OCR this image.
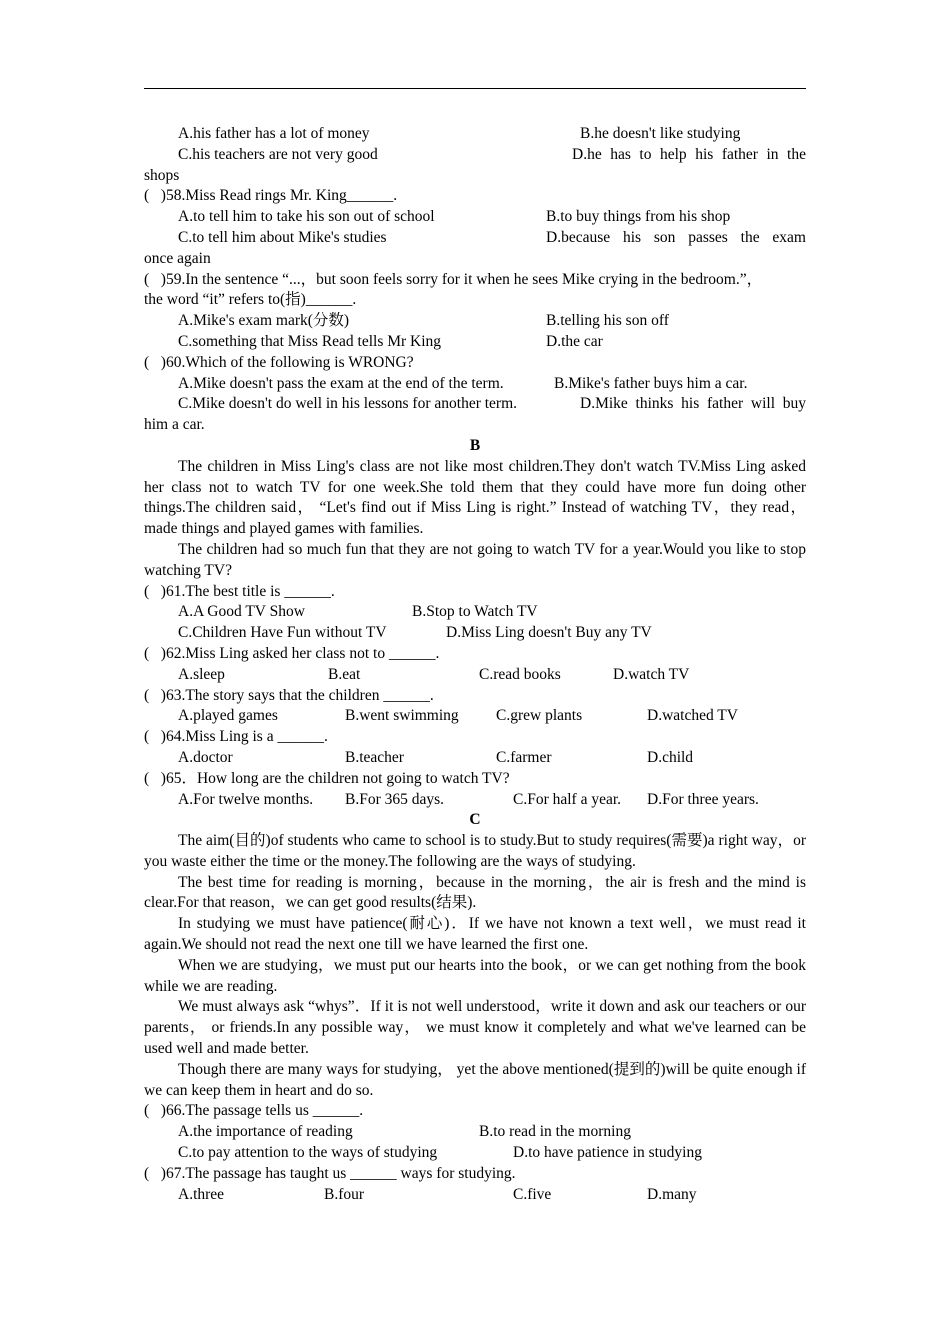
A.his father has a lot of money	B.he doesn't like studying
C.his teachers are not very good	D.he has to help his father in the
shops
(   )58.Miss Read rings Mr. King______.
A.to tell him to take his son out of school	B.to buy things from his shop
C.to tell him about Mike's studies	D.because his son passes the exam
once again
(   )59.In the sentence “...，but soon feels sorry for it when he sees Mike crying in the bedroom.”，
the word “it” refers to(指)______.
A.Mike's exam mark(分数)	B.telling his son off
C.something that Miss Read tells Mr King	D.the car
(   )60.Which of the following is WRONG?
A.Mike doesn't pass the exam at the end of the term.	B.Mike's father buys him a car.
C.Mike doesn't do well in his lessons for another term.	D.Mike thinks his father will buy
him a car.
B
The children in Miss Ling's class are not like most children.They don't watch TV.Miss Ling asked her class not to watch TV for one week.She told them that they could have more fun doing other things.The children said， “Let's find out if Miss Ling is right.” Instead of watching TV，they read，made things and played games with families.
The children had so much fun that they are not going to watch TV for a year.Would you like to stop watching TV?
(   )61.The best title is ______.
A.A Good TV Show	B.Stop to Watch TV
C.Children Have Fun without TV	D.Miss Ling doesn't Buy any TV
(   )62.Miss Ling asked her class not to ______.
A.sleep	B.eat	C.read books	D.watch TV
(   )63.The story says that the children ______.
A.played games	B.went swimming C.grew plants	D.watched TV
(   )64.Miss Ling is a ______.
A.doctor	B.teacher	C.farmer	D.child
(   )65．How long are the children not going to watch TV?
A.For twelve months. B.For 365 days.	C.For half a year. D.For three years.
C
The aim(目的)of students who came to school is to study.But to study requires(需要)a right way，or you waste either the time or the money.The following are the ways of studying.
The best time for reading is morning，because in the morning，the air is fresh and the mind is clear.For that reason，we can get good results(结果).
In studying we must have patience(耐心)．If we have not known a text well，we must read it again.We should not read the next one till we have learned the first one.
When we are studying，we must put our hearts into the book，or we can get nothing from the book while we are reading.
We must always ask “whys”．If it is not well understood，write it down and ask our teachers or our parents， or friends.In any possible way， we must know it completely and what we've learned can be used well and made better.
Though there are many ways for studying， yet the above mentioned(提到的)will be quite enough if we can keep them in heart and do so.
(   )66.The passage tells us ______.
A.the importance of reading	B.to read in the morning
C.to pay attention to the ways of studying	D.to have patience in studying
(   )67.The passage has taught us ______ ways for studying.
A.three	B.four	C.five	D.many
